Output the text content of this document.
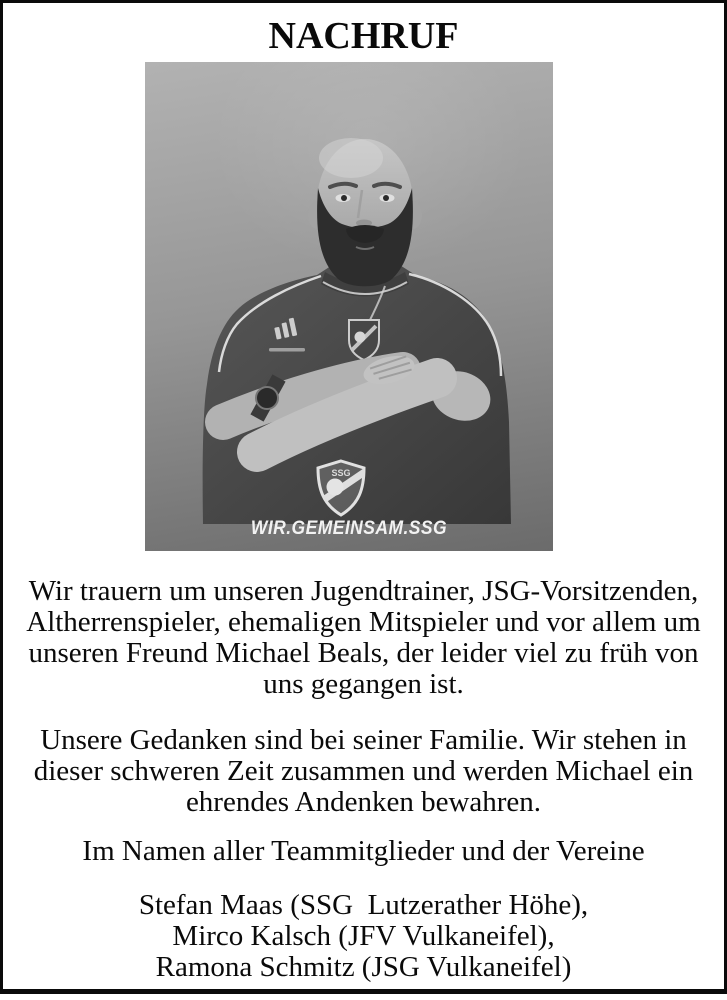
NACHRUF
SSG
WIR.GEMEINSAM.SSG
Wir trauern um unseren Jugendtrainer, JSG-Vorsitzenden,
Altherrenspieler, ehemaligen Mitspieler und vor allem um
unseren Freund Michael Beals, der leider viel zu früh von
uns gegangen ist.
Unsere Gedanken sind bei seiner Familie. Wir stehen in
dieser schweren Zeit zusammen und werden Michael ein
ehrendes Andenken bewahren.
Im Namen aller Teammitglieder und der Vereine
Stefan Maas (SSG  Lutzerather Höhe),
Mirco Kalsch (JFV Vulkaneifel),
Ramona Schmitz (JSG Vulkaneifel)
